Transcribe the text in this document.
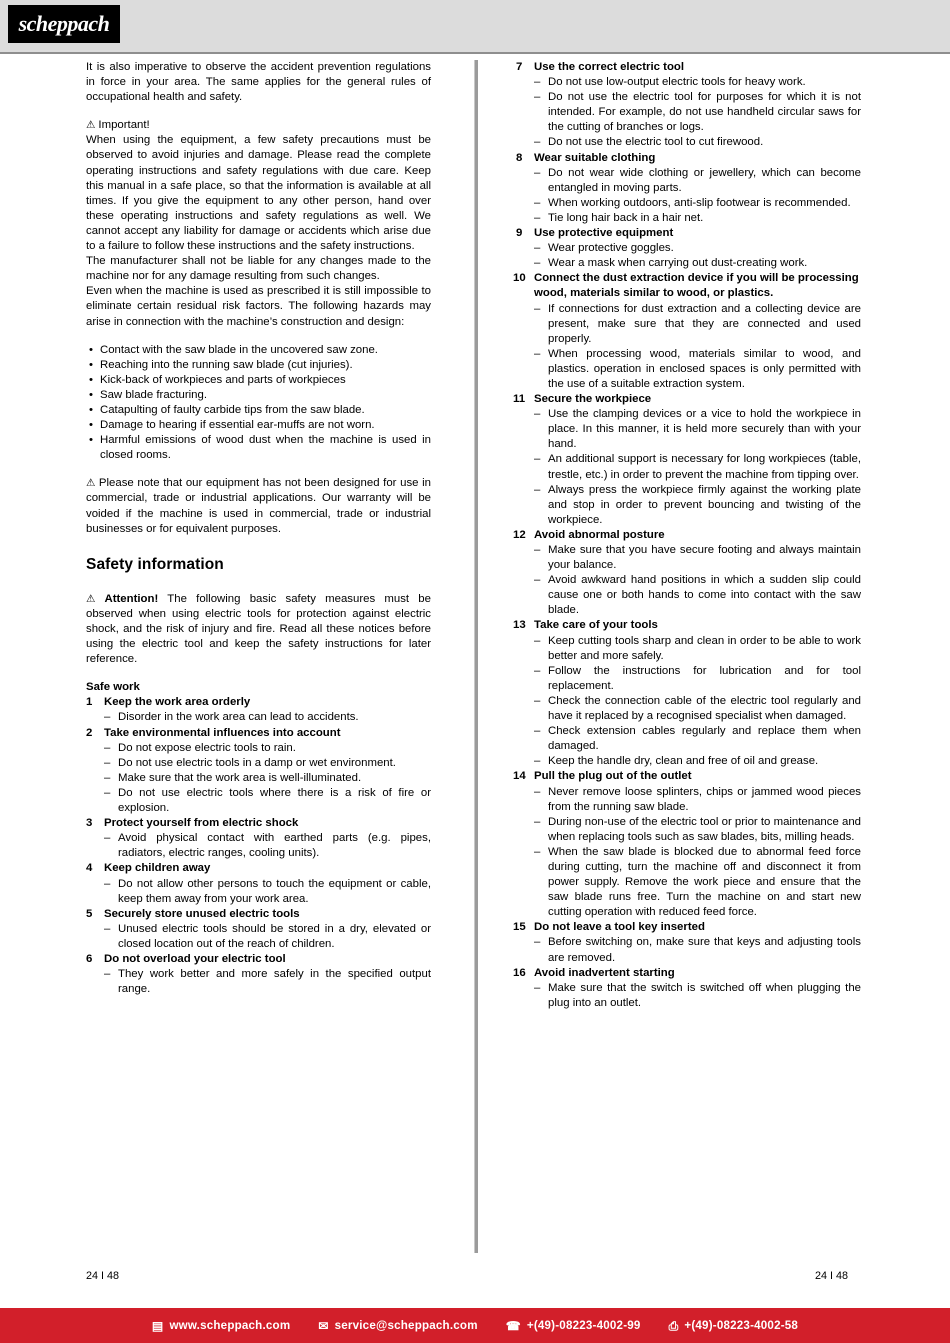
scheppach

It is also imperative to observe the accident prevention regulations in force in your area. The same applies for the general rules of occupational health and safety.

⚠ Important!

When using the equipment, a few safety precautions must be observed to avoid injuries and damage. Please read the complete operating instructions and safety regulations with due care. Keep this manual in a safe place, so that the information is available at all times. If you give the equipment to any other person, hand over these operating instructions and safety regulations as well. We cannot accept any liability for damage or accidents which arise due to a failure to follow these instructions and the safety instructions.

The manufacturer shall not be liable for any changes made to the machine nor for any damage resulting from such changes.

Even when the machine is used as prescribed it is still impossible to eliminate certain residual risk factors. The following hazards may arise in connection with the machine’s construction and design:

• Contact with the saw blade in the uncovered saw zone.
• Reaching into the running saw blade (cut injuries).
• Kick-back of workpieces and parts of workpieces
• Saw blade fracturing.
• Catapulting of faulty carbide tips from the saw blade.
• Damage to hearing if essential ear-muffs are not worn.
• Harmful emissions of wood dust when the machine is used in closed rooms.

⚠ Please note that our equipment has not been designed for use in commercial, trade or industrial applications. Our warranty will be voided if the machine is used in commercial, trade or industrial businesses or for equivalent purposes.

Safety information

⚠ Attention! The following basic safety measures must be observed when using electric tools for protection against electric shock, and the risk of injury and fire. Read all these notices before using the electric tool and keep the safety instructions for later reference.

Safe work

1	Keep the work area orderly
– Disorder in the work area can lead to accidents.
2	Take environmental influences into account
– Do not expose electric tools to rain.
– Do not use electric tools in a damp or wet environment.
– Make sure that the work area is well-illuminated.
– Do not use electric tools where there is a risk of fire or explosion.
3	Protect yourself from electric shock
– Avoid physical contact with earthed parts (e.g. pipes, radiators, electric ranges, cooling units).
4	Keep children away
– Do not allow other persons to touch the equipment or cable, keep them away from your work area.
5	Securely store unused electric tools
– Unused electric tools should be stored in a dry, elevated or closed location out of the reach of children.
6	Do not overload your electric tool
– They work better and more safely in the specified output range.
7	Use the correct electric tool
– Do not use low-output electric tools for heavy work.
– Do not use the electric tool for purposes for which it is not intended. For example, do not use handheld circular saws for the cutting of branches or logs.
– Do not use the electric tool to cut firewood.
8	Wear suitable clothing
– Do not wear wide clothing or jewellery, which can become entangled in moving parts.
– When working outdoors, anti-slip footwear is recommended.
– Tie long hair back in a hair net.
9	Use protective equipment
– Wear protective goggles.
– Wear a mask when carrying out dust-creating work.
10 Connect the dust extraction device if you will be processing wood, materials similar to wood, or plastics.
– If connections for dust extraction and a collecting device are present, make sure that they are connected and used properly.
– When processing wood, materials similar to wood, and plastics. operation in enclosed spaces is only permitted with the use of a suitable extraction system.
11 Secure the workpiece
– Use the clamping devices or a vice to hold the workpiece in place. In this manner, it is held more securely than with your hand.
– An additional support is necessary for long workpieces (table, trestle, etc.) in order to prevent the machine from tipping over.
– Always press the workpiece firmly against the working plate and stop in order to prevent bouncing and twisting of the workpiece.
12 Avoid abnormal posture
– Make sure that you have secure footing and always maintain your balance.
– Avoid awkward hand positions in which a sudden slip could cause one or both hands to come into contact with the saw blade.
13 Take care of your tools
– Keep cutting tools sharp and clean in order to be able to work better and more safely.
– Follow the instructions for lubrication and for tool replacement.
– Check the connection cable of the electric tool regularly and have it replaced by a recognised specialist when damaged.
– Check extension cables regularly and replace them when damaged.
– Keep the handle dry, clean and free of oil and grease.
14 Pull the plug out of the outlet
– Never remove loose splinters, chips or jammed wood pieces from the running saw blade.
– During non-use of the electric tool or prior to maintenance and when replacing tools such as saw blades, bits, milling heads.
– When the saw blade is blocked due to abnormal feed force during cutting, turn the machine off and disconnect it from power supply. Remove the work piece and ensure that the saw blade runs free. Turn the machine on and start new cutting operation with reduced feed force.
15 Do not leave a tool key inserted
– Before switching on, make sure that keys and adjusting tools are removed.
16 Avoid inadvertent starting
– Make sure that the switch is switched off when plugging the plug into an outlet.
24 I 48	24 I 48
▤ www.scheppach.com ✉ service@scheppach.com ☎ +(49)-08223-4002-99 ⎙ +(49)-08223-4002-58
